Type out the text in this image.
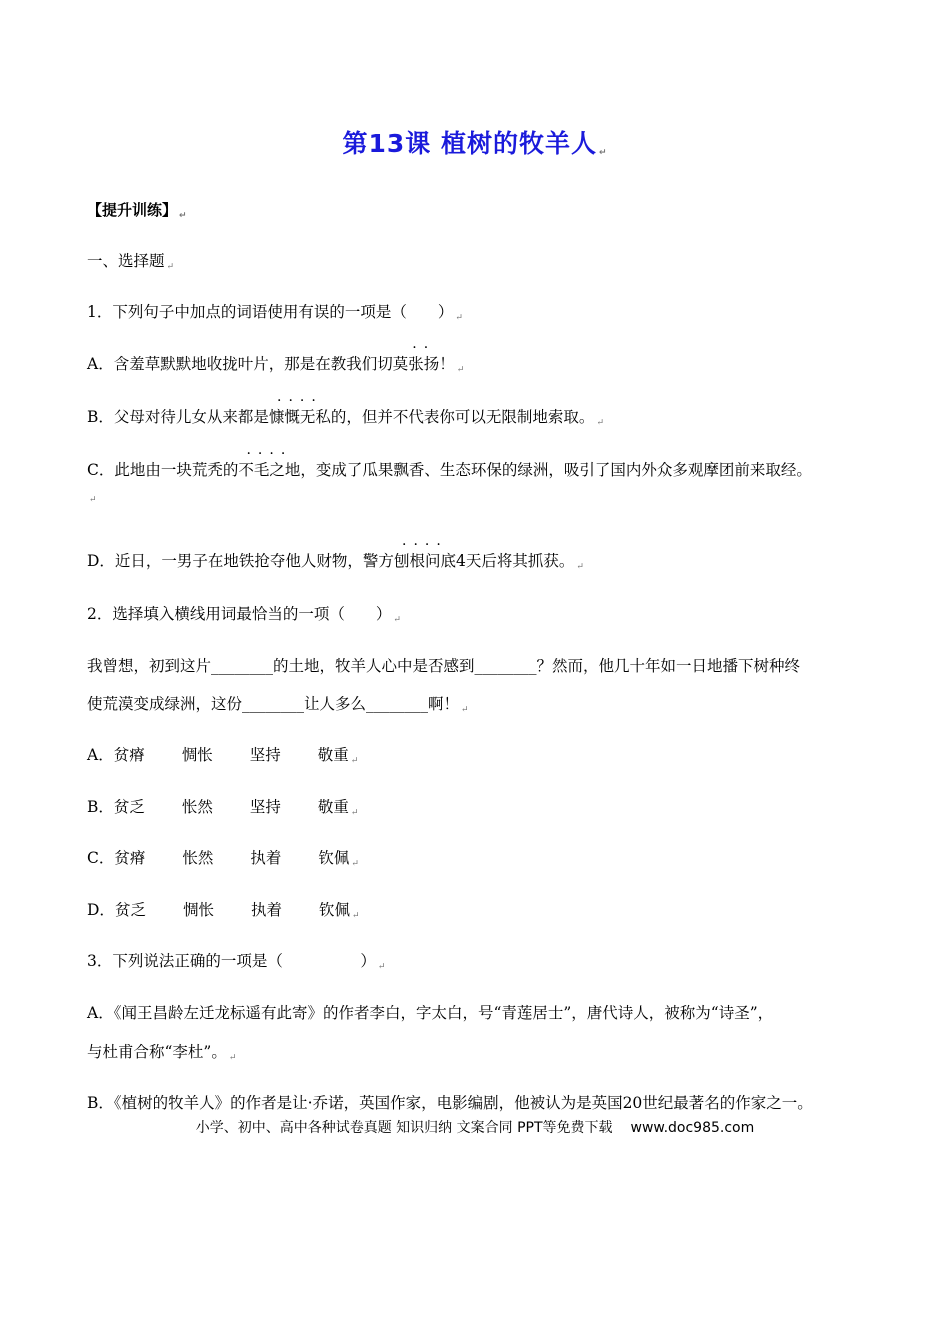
第13课 植树的牧羊人 ↵
【提升训练】 $_↵$
一、选择题 ↵
1．下列句子中加点的词语使用有误的一项是（　　） ↵
A．含羞草默默地收拢叶片，那是在教我们切莫
··
张扬！ ↵
B．父母对待儿女从来都是
····
慷慨无私的，但并不代表你可以无限制地索取。 ↵
C．此地由一块荒秃的
····
不毛之地，变成了瓜果飘香、生态环保的绿洲，吸引了国内外众多观摩团前来取经。
↵
D．近日，一男子在地铁抢夺他人财物，警方
····
刨根问底4天后将其抓获。 ↵
2．选择填入横线用词最恰当的一项（　　） ↵
我曾想，初到这片________的土地，牧羊人心中是否感到________？然而，他几十年如一日地播下树种终
使荒漠变成绿洲，这份________让人多么________啊！ ↵
A．贫瘠 惆怅 坚持 敬重 ↵
B．贫乏 怅然 坚持 敬重 ↵
C．贫瘠 怅然 执着 钦佩 ↵
D．贫乏 惆怅 执着 钦佩 ↵
3．下列说法正确的一项是（　　　　　） ↵
A．《闻王昌龄左迁龙标遥有此寄》的作者李白，字太白，号“青莲居士”，唐代诗人，被称为“诗圣”，
与杜甫合称“李杜”。 ↵
B．《植树的牧羊人》的作者是让·乔诺，英国作家，电影编剧，他被认为是英国20世纪最著名的作家之一。
小学、初中、高中各种试卷真题 知识归纳 文案合同 PPT等免费下载 www.doc985.com
